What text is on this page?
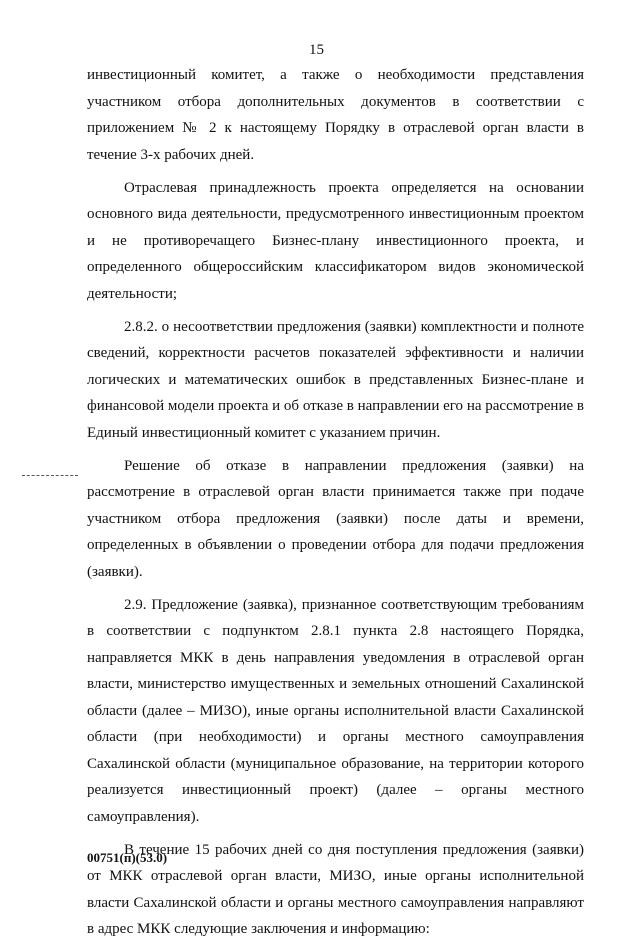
15

инвестиционный комитет, а также о необходимости представления участником отбора дополнительных документов в соответствии с приложением № 2 к настоящему Порядку в отраслевой орган власти в течение 3-х рабочих дней.

Отраслевая принадлежность проекта определяется на основании основного вида деятельности, предусмотренного инвестиционным проектом и не противоречащего Бизнес-плану инвестиционного проекта, и определенного общероссийским классификатором видов экономической деятельности;

2.8.2. о несоответствии предложения (заявки) комплектности и полноте сведений, корректности расчетов показателей эффективности и наличии логических и математических ошибок в представленных Бизнес-плане и финансовой модели проекта и об отказе в направлении его на рассмотрение в Единый инвестиционный комитет с указанием причин.

Решение об отказе в направлении предложения (заявки) на рассмотрение в отраслевой орган власти принимается также при подаче участником отбора предложения (заявки) после даты и времени, определенных в объявлении о проведении отбора для подачи предложения (заявки).

2.9. Предложение (заявка), признанное соответствующим требованиям в соответствии с подпунктом 2.8.1 пункта 2.8 настоящего Порядка, направляется МКК в день направления уведомления в отраслевой орган власти, министерство имущественных и земельных отношений Сахалинской области (далее – МИЗО), иные органы исполнительной власти Сахалинской области (при необходимости) и органы местного самоуправления Сахалинской области (муниципальное образование, на территории которого реализуется инвестиционный проект) (далее – органы местного самоуправления).

В течение 15 рабочих дней со дня поступления предложения (заявки) от МКК отраслевой орган власти, МИЗО, иные органы исполнительной власти Сахалинской области и органы местного самоуправления направляют в адрес МКК следующие заключения и информацию:

00751(п)(53.0)
